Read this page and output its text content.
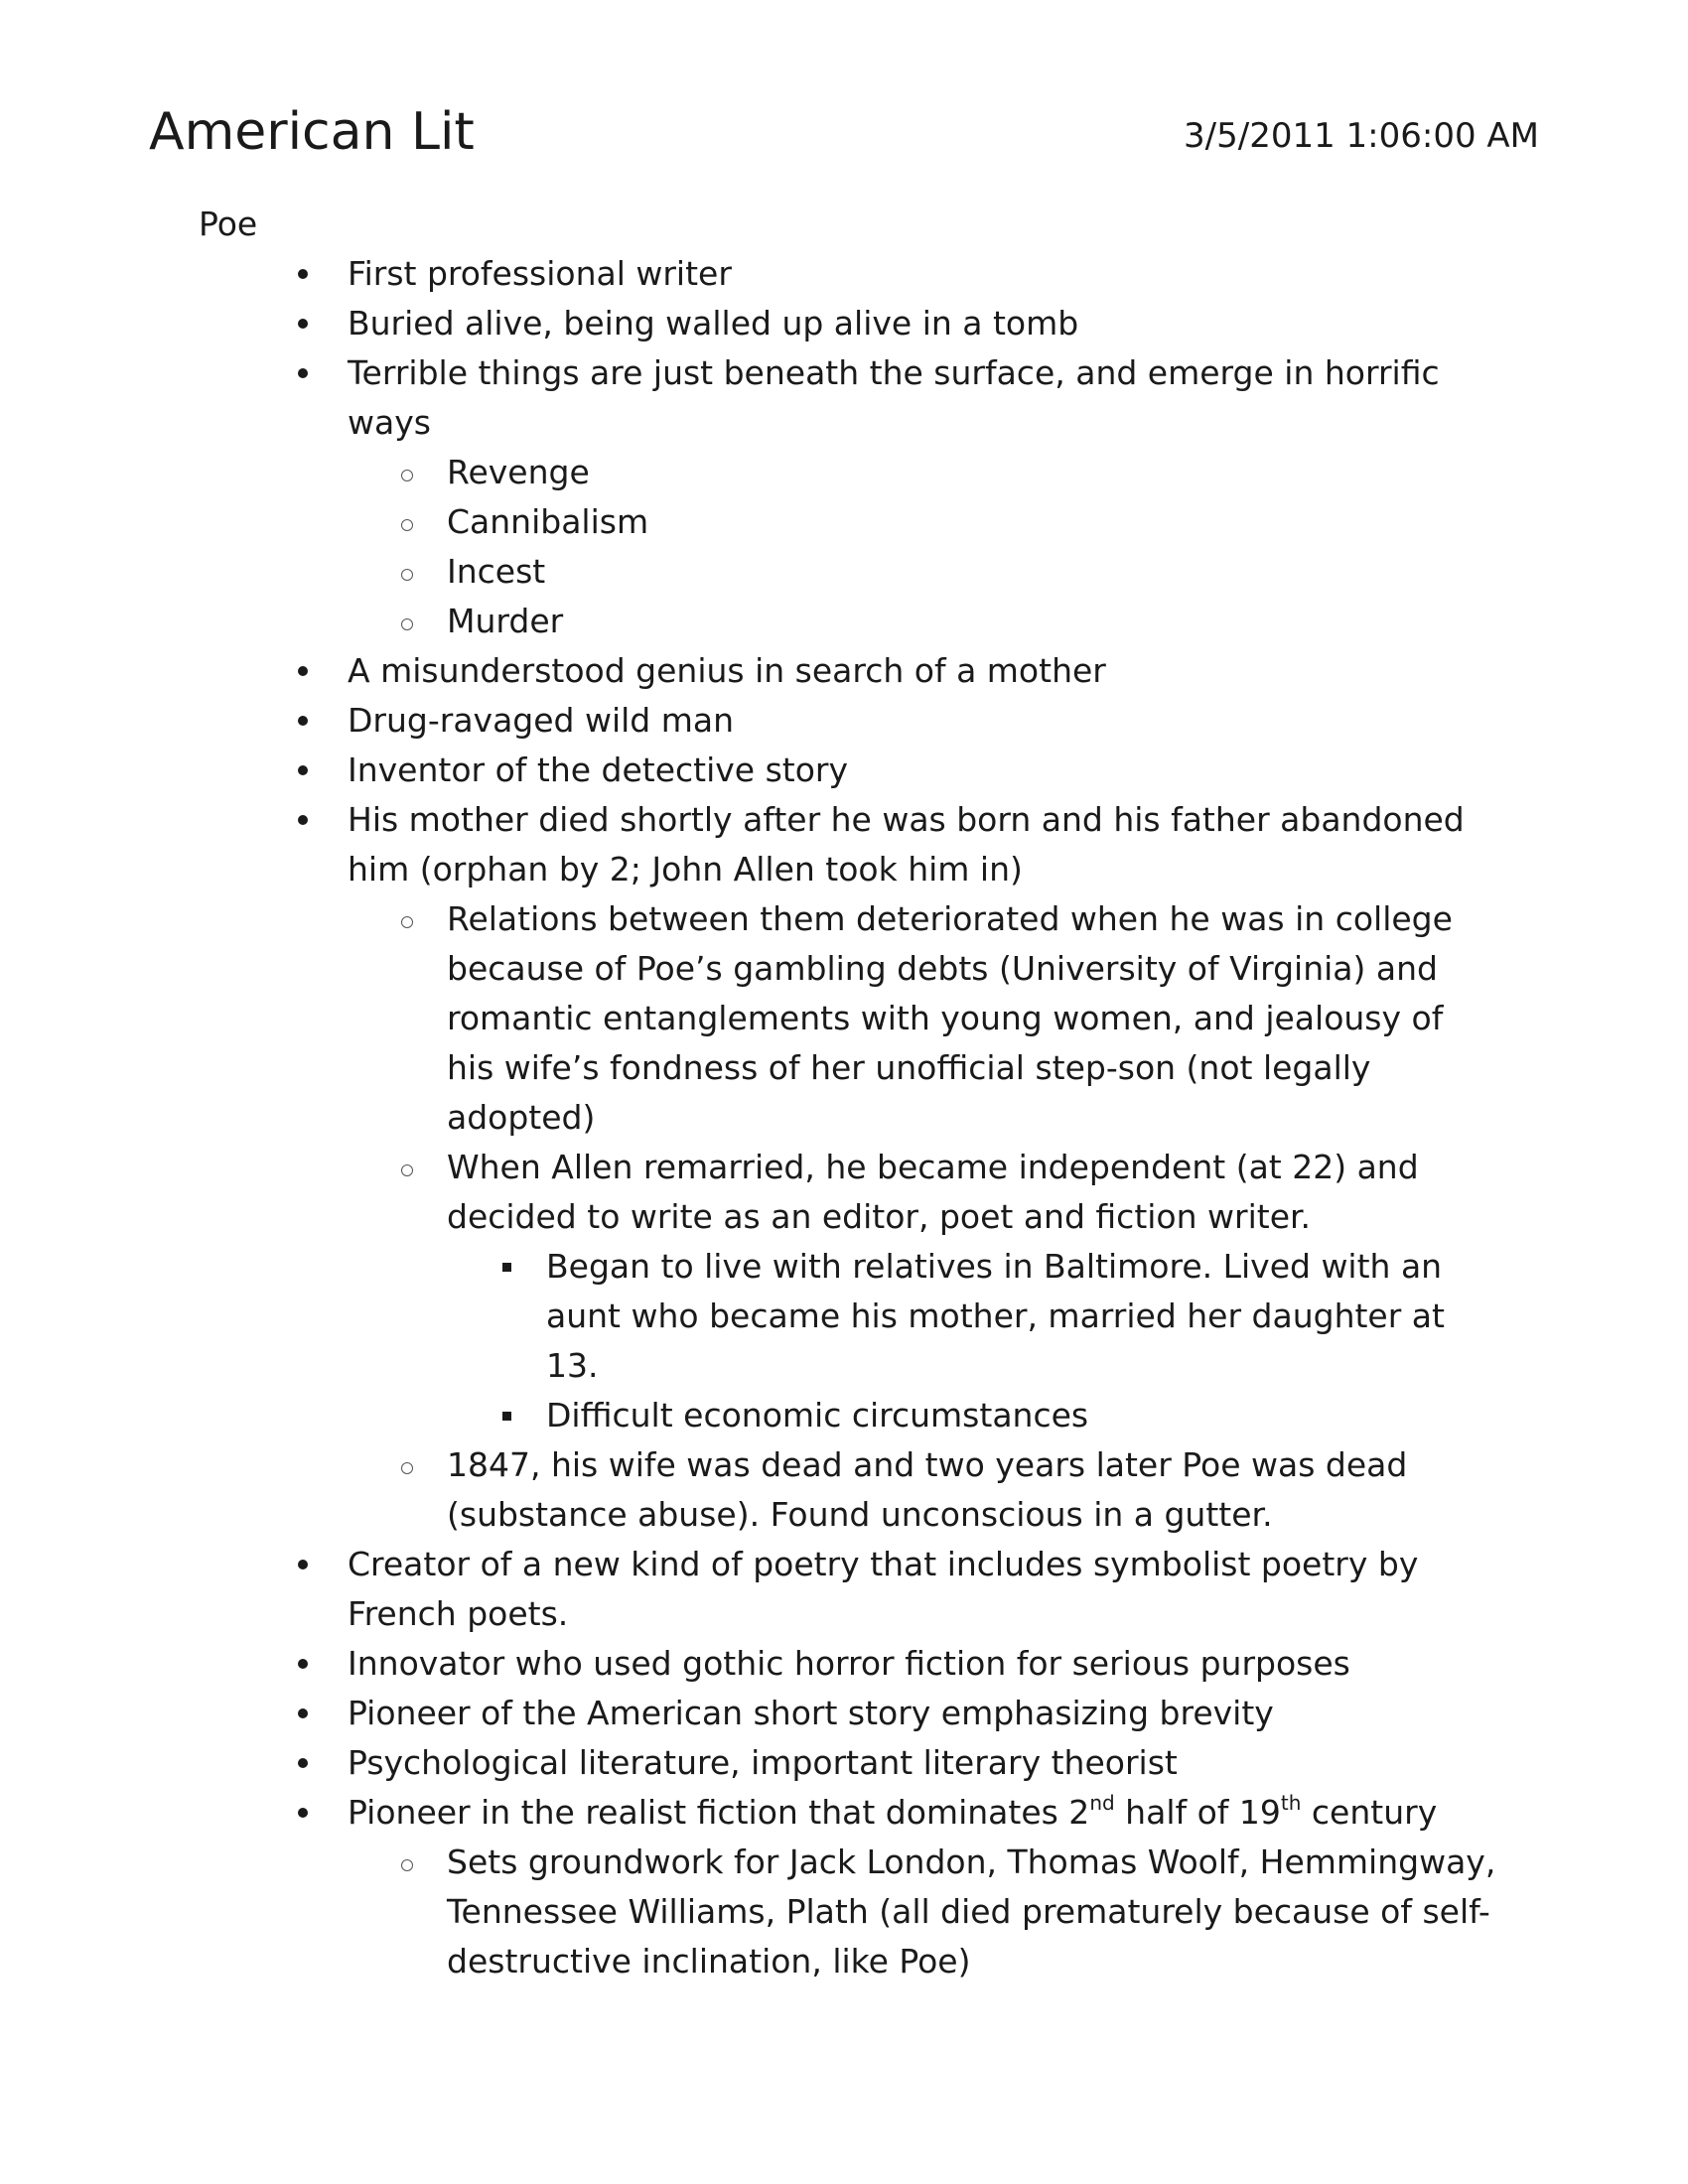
American Lit	3/5/2011 1:06:00 AM
Poe
First professional writer
Buried alive, being walled up alive in a tomb
Terrible things are just beneath the surface, and emerge in horrific ways
Revenge
Cannibalism
Incest
Murder
A misunderstood genius in search of a mother
Drug-ravaged wild man
Inventor of the detective story
His mother died shortly after he was born and his father abandoned him (orphan by 2; John Allen took him in)
Relations between them deteriorated when he was in college because of Poe’s gambling debts (University of Virginia) and romantic entanglements with young women, and jealousy of his wife’s fondness of her unofficial step-son (not legally adopted)
When Allen remarried, he became independent (at 22) and decided to write as an editor, poet and fiction writer.
Began to live with relatives in Baltimore. Lived with an aunt who became his mother, married her daughter at 13.
Difficult economic circumstances
1847, his wife was dead and two years later Poe was dead (substance abuse). Found unconscious in a gutter.
Creator of a new kind of poetry that includes symbolist poetry by French poets.
Innovator who used gothic horror fiction for serious purposes
Pioneer of the American short story emphasizing brevity
Psychological literature, important literary theorist
Pioneer in the realist fiction that dominates 2nd half of 19th century
Sets groundwork for Jack London, Thomas Woolf, Hemmingway, Tennessee Williams, Plath (all died prematurely because of self-destructive inclination, like Poe)
